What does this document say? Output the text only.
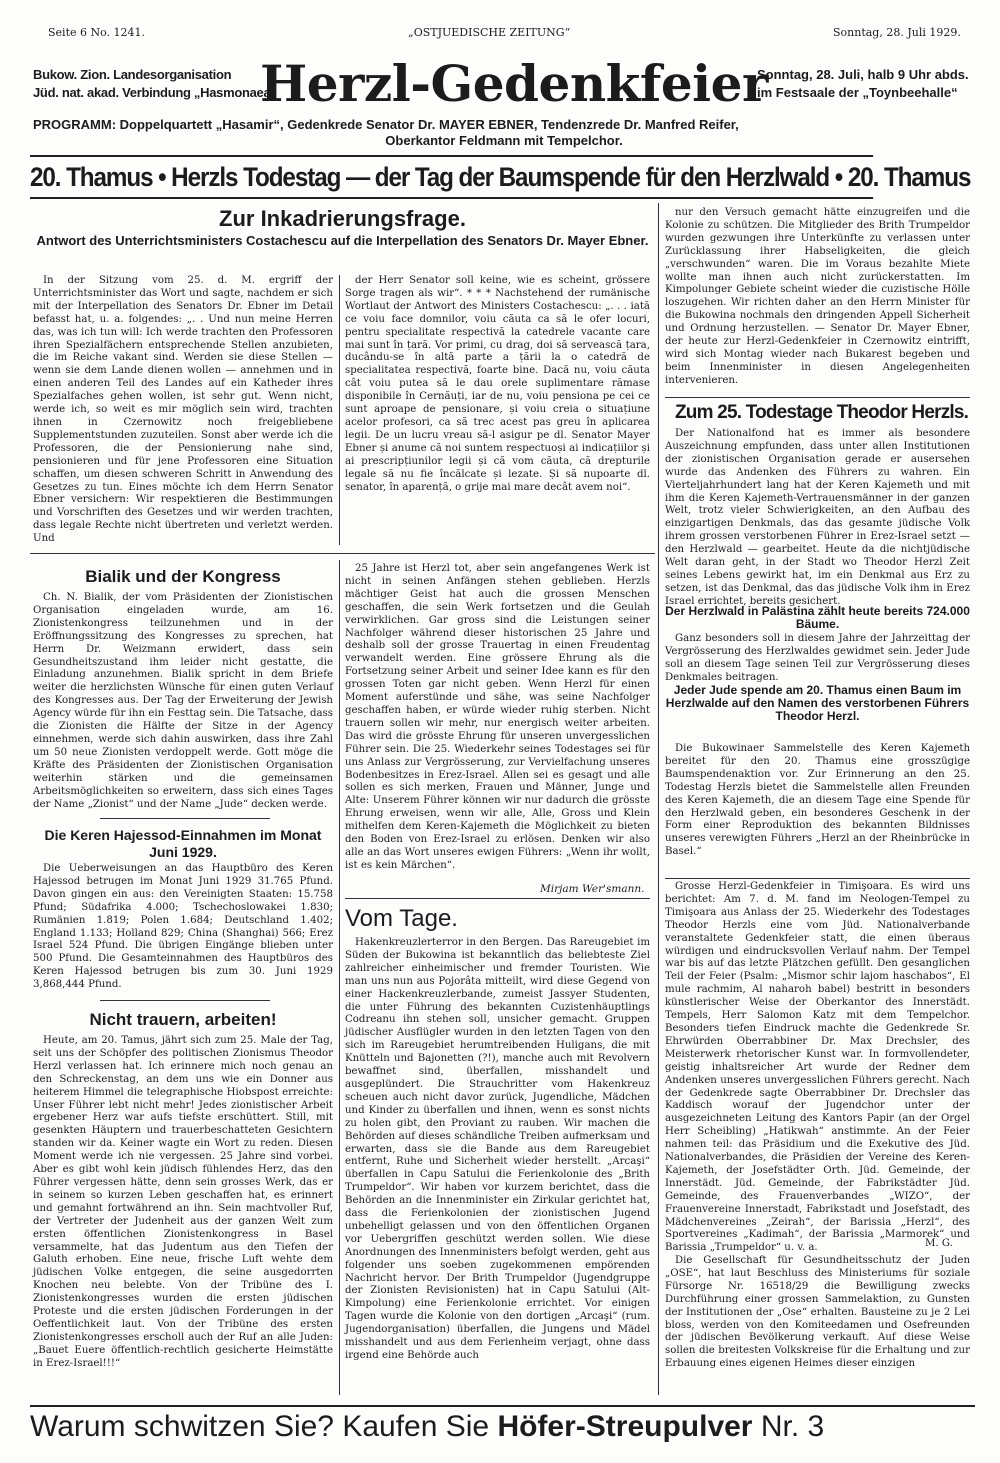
Seite 6 No. 1241.	„OSTJUEDISCHE ZEITUNG“	Sonntag, 28. Juli 1929.
Bukow. Zion. Landesorganisation
Jüd. nat. akad. Verbindung „Hasmonaea“
Herzl-Gedenkfeier
Sonntag, 28. Juli, halb 9 Uhr abds.
im Festsaale der „Toynbeehalle“
PROGRAMM: Doppelquartett „Hasamir“, Gedenkrede Senator Dr. MAYER EBNER, Tendenzrede Dr. Manfred Reifer,
Oberkantor Feldmann mit Tempelchor.
20. Thamus • Herzls Todestag — der Tag der Baumspende für den Herzlwald • 20. Thamus
Zur Inkadrierungsfrage.
Antwort des Unterrichtsministers Costachescu auf die Interpellation des Senators Dr. Mayer Ebner.

In der Sitzung vom 25. d. M. ergriff der Unterrichtsminister das Wort und sagte, nachdem er sich mit der Interpellation des Senators Dr. Ebner im Detail befasst hat, u. a. folgendes: „. . Und nun meine Herren das, was ich tun will: Ich werde trachten den Professoren ihren Spezialfächern entsprechende Stellen anzubieten, die im Reiche vakant sind. Werden sie diese Stellen — wenn sie dem Lande dienen wollen — annehmen und in einen anderen Teil des Landes auf ein Katheder ihres Spezialfaches gehen wollen, ist sehr gut. Wenn nicht, werde ich, so weit es mir möglich sein wird, trachten ihnen in Czernowitz noch freigebliebene Supplementstunden zuzuteilen. Sonst aber werde ich die Professoren, die der Pensionierung nahe sind, pensionieren und für jene Professoren eine Situation schaffen, um diesen schweren Schritt in Anwendung des Gesetzes zu tun. Eines möchte ich dem Herrn Senator Ebner versichern: Wir respektieren die Bestimmungen und Vorschriften des Gesetzes und wir werden trachten, dass legale Rechte nicht übertreten und verletzt werden. Und

der Herr Senator soll keine, wie es scheint, grössere Sorge tragen als wir“. * * * Nachstehend der rumänische Wortlaut der Antwort des Ministers Costachescu: „. . . iată ce voiu face domnilor, voiu căuta ca să le ofer locuri, pentru specialitate respectivă la catedrele vacante care mai sunt în țară. Vor primi, cu drag, doi să servească țara, ducându-se în altă parte a țării la o catedră de specialitatea respectivă, foarte bine. Dacă nu, voiu căuta cât voiu putea să le dau orele suplimentare rămase disponibile în Cernăuți, iar de nu, voiu pensiona pe cei ce sunt aproape de pensionare, și voiu creia o situațiune acelor profesori, ca să trec acest pas greu în aplicarea legii. De un lucru vreau să-l asigur pe dl. Senator Mayer Ebner și anume că noi suntem respectuoși ai indicațiilor și ai prescripțiunilor legii și că vom căuta, că drepturile legale să nu fie încălcate și lezate. Și să nupoarte dl. senator, în aparență, o grije mai mare decât avem noi“.

Bialik und der Kongress

Ch. N. Bialik, der vom Präsidenten der Zionistischen Organisation eingeladen wurde, am 16. Zionistenkongress teilzunehmen und in der Eröffnungssitzung des Kongresses zu sprechen, hat Herrn Dr. Weizmann erwidert, dass sein Gesundheitszustand ihm leider nicht gestatte, die Einladung anzunehmen. Bialik spricht in dem Briefe weiter die herzlichsten Wünsche für einen guten Verlauf des Kongresses aus. Der Tag der Erweiterung der Jewish Agency würde für ihn ein Festtag sein. Die Tatsache, dass die Zionisten die Hälfte der Sitze in der Agency einnehmen, werde sich dahin auswirken, dass ihre Zahl um 50 neue Zionisten verdoppelt werde. Gott möge die Kräfte des Präsidenten der Zionistischen Organisation weiterhin stärken und die gemeinsamen Arbeitsmöglichkeiten so erweitern, dass sich eines Tages der Name „Zionist“ und der Name „Jude“ decken werde.

Die Keren Hajessod-Einnahmen im Monat Juni 1929.

Die Ueberweisungen an das Hauptbüro des Keren Hajessod betrugen im Monat Juni 1929 31.765 Pfund. Davon gingen ein aus: den Vereinigten Staaten: 15.758 Pfund; Südafrika 4.000; Tschechoslowakei 1.830; Rumänien 1.819; Polen 1.684; Deutschland 1.402; England 1.133; Holland 829; China (Shanghai) 566; Erez Israel 524 Pfund. Die übrigen Eingänge blieben unter 500 Pfund. Die Gesamteinnahmen des Hauptbüros des Keren Hajessod betrugen bis zum 30. Juni 1929 3,868,444 Pfund.

Nicht trauern, arbeiten!

Heute, am 20. Tamus, jährt sich zum 25. Male der Tag, seit uns der Schöpfer des politischen Zionismus Theodor Herzl verlassen hat. Ich erinnere mich noch genau an den Schreckenstag, an dem uns wie ein Donner aus heiterem Himmel die telegraphische Hiobspost erreichte: Unser Führer lebt nicht mehr! Jedes zionistischer Arbeit ergebener Herz war aufs tiefste erschüttert. Still, mit gesenkten Häuptern und trauerbeschatteten Gesichtern standen wir da. Keiner wagte ein Wort zu reden. Diesen Moment werde ich nie vergessen. 25 Jahre sind vorbei. Aber es gibt wohl kein jüdisch fühlendes Herz, das den Führer vergessen hätte, denn sein grosses Werk, das er in seinem so kurzen Leben geschaffen hat, es erinnert und gemahnt fortwährend an ihn. Sein machtvoller Ruf, der Vertreter der Judenheit aus der ganzen Welt zum ersten öffentlichen Zionistenkongress in Basel versammelte, hat das Judentum aus den Tiefen der Galuth erhoben. Eine neue, frische Luft wehte dem jüdischen Volke entgegen, die seine ausgedorrten Knochen neu belebte. Von der Tribüne des I. Zionistenkongresses wurden die ersten jüdischen Proteste und die ersten jüdischen Forderungen in der Oeffentlichkeit laut. Von der Tribüne des ersten Zionistenkongresses erscholl auch der Ruf an alle Juden: „Bauet Euere öffentlich-rechtlich gesicherte Heimstätte in Erez-Israel!!!“

25 Jahre ist Herzl tot, aber sein angefangenes Werk ist nicht in seinen Anfängen stehen geblieben. Herzls mächtiger Geist hat auch die grossen Menschen geschaffen, die sein Werk fortsetzen und die Geulah verwirklichen. Gar gross sind die Leistungen seiner Nachfolger während dieser historischen 25 Jahre und deshalb soll der grosse Trauertag in einen Freudentag verwandelt werden. Eine grössere Ehrung als die Fortsetzung seiner Arbeit und seiner Idee kann es für den grossen Toten gar nicht geben. Wenn Herzl für einen Moment auferstünde und sähe, was seine Nachfolger geschaffen haben, er würde wieder ruhig sterben. Nicht trauern sollen wir mehr, nur energisch weiter arbeiten. Das wird die grösste Ehrung für unseren unvergesslichen Führer sein. Die 25. Wiederkehr seines Todestages sei für uns Anlass zur Vergrösserung, zur Vervielfachung unseres Bodenbesitzes in Erez-Israel. Allen sei es gesagt und alle sollen es sich merken, Frauen und Männer, Junge und Alte: Unserem Führer können wir nur dadurch die grösste Ehrung erweisen, wenn wir alle, Alle, Gross und Klein mithelfen dem Keren-Kajemeth die Möglichkeit zu bieten den Boden von Erez-Israel zu erlösen. Denken wir also alle an das Wort unseres ewigen Führers: „Wenn ihr wollt, ist es kein Märchen“.

Mirjam Wer'smann.
Vom Tage.

Hakenkreuzlerterror in den Bergen. Das Rareugebiet im Süden der Bukowina ist bekanntlich das beliebteste Ziel zahlreicher einheimischer und fremder Touristen. Wie man uns nun aus Pojorâta mitteilt, wird diese Gegend von einer Hackenkreuzlerbande, zumeist Jassyer Studenten, die unter Führung des bekannten Cuzistenhäuptlings Codreanu ihn stehen soll, unsicher gemacht. Gruppen jüdischer Ausflügler wurden in den letzten Tagen von den sich im Rareugebiet herumtreibenden Huligans, die mit Knütteln und Bajonetten (?!), manche auch mit Revolvern bewaffnet sind, überfallen, misshandelt und ausgeplündert. Die Strauchritter vom Hakenkreuz scheuen auch nicht davor zurück, Jugendliche, Mädchen und Kinder zu überfallen und ihnen, wenn es sonst nichts zu holen gibt, den Proviant zu rauben. Wir machen die Behörden auf dieses schändliche Treiben aufmerksam und erwarten, dass sie die Bande aus dem Rareugebiet entfernt, Ruhe und Sicherheit wieder herstellt. „Arcaşi“ überfallen in Capu Satului die Ferienkolonie des „Brith Trumpeldor“. Wir haben vor kurzem berichtet, dass die Behörden an die Innenminister ein Zirkular gerichtet hat, dass die Ferienkolonien der zionistischen Jugend unbehelligt gelassen und von den öffentlichen Organen vor Uebergriffen geschützt werden sollen. Wie diese Anordnungen des Innenministers befolgt werden, geht aus folgender uns soeben zugekommenen empörenden Nachricht hervor. Der Brith Trumpeldor (Jugendgruppe der Zionisten Revisionisten) hat in Capu Satului (Alt-Kimpolung) eine Ferienkolonie errichtet. Vor einigen Tagen wurde die Kolonie von den dortigen „Arcaşi“ (rum. Jugendorganisation) überfallen, die Jungens und Mädel misshandelt und aus dem Ferienheim verjagt, ohne dass irgend eine Behörde auch

nur den Versuch gemacht hätte einzugreifen und die Kolonie zu schützen. Die Mitglieder des Brith Trumpeldor wurden gezwungen ihre Unterkünfte zu verlassen unter Zurücklassung ihrer Habseligkeiten, die gleich „verschwunden“ waren. Die im Voraus bezahlte Miete wollte man ihnen auch nicht zurückerstatten. Im Kimpolunger Gebiete scheint wieder die cuzistische Hölle loszugehen. Wir richten daher an den Herrn Minister für die Bukowina nochmals den dringenden Appell Sicherheit und Ordnung herzustellen. — Senator Dr. Mayer Ebner, der heute zur Herzl-Gedenkfeier in Czernowitz eintrifft, wird sich Montag wieder nach Bukarest begeben und beim Innenminister in diesen Angelegenheiten intervenieren.

Zum 25. Todestage Theodor Herzls.

Der Nationalfond hat es immer als besondere Auszeichnung empfunden, dass unter allen Institutionen der zionistischen Organisation gerade er ausersehen wurde das Andenken des Führers zu wahren. Ein Vierteljahrhundert lang hat der Keren Kajemeth und mit ihm die Keren Kajemeth-Vertrauensmänner in der ganzen Welt, trotz vieler Schwierigkeiten, an den Aufbau des einzigartigen Denkmals, das das gesamte jüdische Volk ihrem grossen verstorbenen Führer in Erez-Israel setzt — den Herzlwald — gearbeitet. Heute da die nichtjüdische Welt daran geht, in der Stadt wo Theodor Herzl Zeit seines Lebens gewirkt hat, im ein Denkmal aus Erz zu setzen, ist das Denkmal, das das jüdische Volk ihm in Erez Israel errichtet, bereits gesichert.

Der Herzlwald in Palästina zählt heute bereits 724.000 Bäume.

Ganz besonders soll in diesem Jahre der Jahrzeittag der Vergrösserung des Herzlwaldes gewidmet sein. Jeder Jude soll an diesem Tage seinen Teil zur Vergrösserung dieses Denkmales beitragen.

Jeder Jude spende am 20. Thamus einen Baum im Herzlwalde auf den Namen des verstorbenen Führers Theodor Herzl.

Die Bukowinaer Sammelstelle des Keren Kajemeth bereitet für den 20. Thamus eine grosszügige Baumspendenaktion vor. Zur Erinnerung an den 25. Todestag Herzls bietet die Sammelstelle allen Freunden des Keren Kajemeth, die an diesem Tage eine Spende für den Herzlwald geben, ein besonderes Geschenk in der Form einer Reproduktion des bekannten Bildnisses unseres verewigten Führers „Herzl an der Rheinbrücke in Basel.“

Grosse Herzl-Gedenkfeier in Timişoara. Es wird uns berichtet: Am 7. d. M. fand im Neologen-Tempel zu Timişoara aus Anlass der 25. Wiederkehr des Todestages Theodor Herzls eine vom Jüd. Nationalverbande veranstaltete Gedenkfeier statt, die einen überaus würdigen und eindrucksvollen Verlauf nahm. Der Tempel war bis auf das letzte Plätzchen gefüllt. Den gesanglichen Teil der Feier (Psalm: „Mismor schir lajom haschabos“, El mule rachmim, Al naharoh babel) bestritt in besonders künstlerischer Weise der Oberkantor des Innerstädt. Tempels, Herr Salomon Katz mit dem Tempelchor. Besonders tiefen Eindruck machte die Gedenkrede Sr. Ehrwürden Oberrabbiner Dr. Max Drechsler, des Meisterwerk rhetorischer Kunst war. In formvollendeter, geistig inhaltsreicher Art wurde der Redner dem Andenken unseres unvergesslichen Führers gerecht. Nach der Gedenkrede sagte Oberrabbiner Dr. Drechsler das Kaddisch worauf der Jugendchor unter der ausgezeichneten Leitung des Kantors Papir (an der Orgel Herr Scheibling) „Hatikwah“ anstimmte. An der Feier nahmen teil: das Präsidium und die Exekutive des Jüd. Nationalverbandes, die Präsidien der Vereine des Keren-Kajemeth, der Josefstädter Orth. Jüd. Gemeinde, der Innerstädt. Jüd. Gemeinde, der Fabrikstädter Jüd. Gemeinde, des Frauenverbandes „WIZO“, der Frauenvereine Innerstadt, Fabrikstadt und Josefstadt, des Mädchenvereines „Zeirah“, der Barissia „Herzl“, des Sportvereines „Kadimah“, der Barissia „Marmorek“ und Barissia „Trumpeldor“ u. v. a.	M. G.

Die Gesellschaft für Gesundheitsschutz der Juden „OSE“, hat laut Beschluss des Ministeriums für soziale Fürsorge Nr. 16518/29 die Bewilligung zwecks Durchführung einer grossen Sammelaktion, zu Gunsten der Institutionen der „Ose“ erhalten. Bausteine zu je 2 Lei bloss, werden von den Komiteedamen und Osefreunden der jüdischen Bevölkerung verkauft. Auf diese Weise sollen die breitesten Volkskreise für die Erhaltung und zur Erbauung eines eigenen Heimes dieser einzigen

Warum schwitzen Sie? Kaufen Sie Höfer-Streupulver Nr. 3
